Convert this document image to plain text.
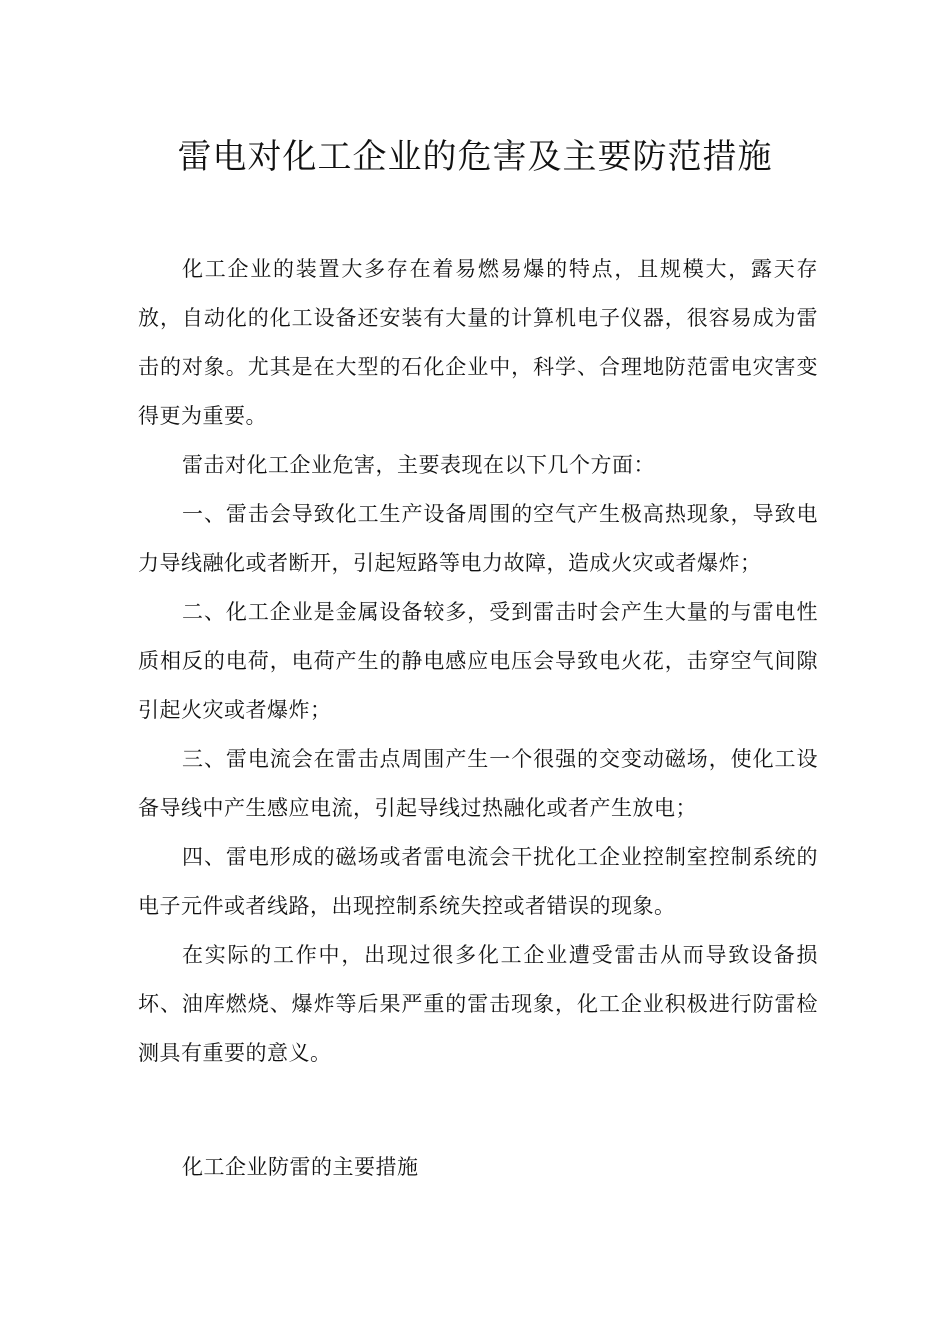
雷电对化工企业的危害及主要防范措施

化工企业的装置大多存在着易燃易爆的特点，且规模大，露天存放，自动化的化工设备还安装有大量的计算机电子仪器，很容易成为雷击的对象。尤其是在大型的石化企业中，科学、合理地防范雷电灾害变得更为重要。

雷击对化工企业危害，主要表现在以下几个方面：

一、雷击会导致化工生产设备周围的空气产生极高热现象，导致电力导线融化或者断开，引起短路等电力故障，造成火灾或者爆炸；

二、化工企业是金属设备较多，受到雷击时会产生大量的与雷电性质相反的电荷，电荷产生的静电感应电压会导致电火花，击穿空气间隙引起火灾或者爆炸；

三、雷电流会在雷击点周围产生一个很强的交变动磁场，使化工设备导线中产生感应电流，引起导线过热融化或者产生放电；

四、雷电形成的磁场或者雷电流会干扰化工企业控制室控制系统的电子元件或者线路，出现控制系统失控或者错误的现象。

在实际的工作中，出现过很多化工企业遭受雷击从而导致设备损坏、油库燃烧、爆炸等后果严重的雷击现象，化工企业积极进行防雷检测具有重要的意义。

化工企业防雷的主要措施
